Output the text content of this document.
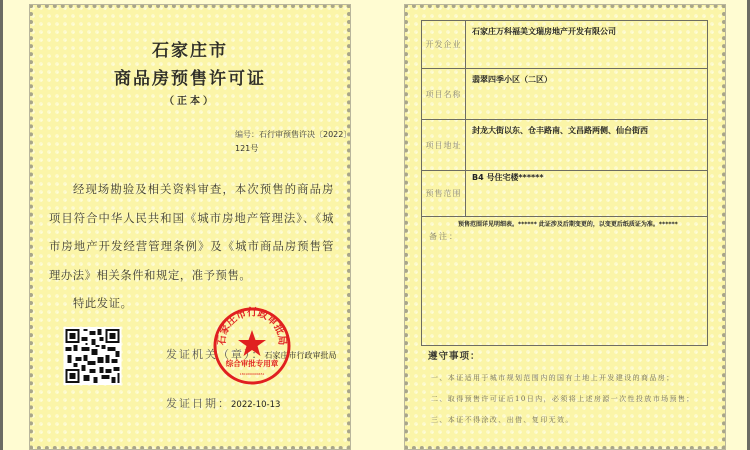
石家庄市
商品房预售许可证
（正本）
编号：石行审预售许决〔2022〕121号

经现场勘验及相关资料审查，本次预售的商品房项目符合中华人民共和国《城市房地产管理法》、《城市房地产开发经营管理条例》及《城市商品房预售管理办法》相关条件和规定，准予预售。

特此发证。

发证机关（章）：石家庄市行政审批局
石家庄市行政审批局
综合审批专用章
1301000000451
发证日期：2022-10-13
开发企业	石家庄万科福美文瑞房地产开发有限公司
项目名称	翡翠四季小区（二区）
项目地址	封龙大街以东、仓丰路南、文昌路两侧、仙台街西
预售范围	B4 号住宅楼******

预售范围详见明细表。****** 此证涉及后期变更的，以变更后纸质证为准。******
备注：	
遵守事项：
一、本证适用于城市规划范围内的国有土地上开发建设的商品房；
二、取得预售许可证后10日内，必须将上述房源一次性投放市场预售；
三、本证不得涂改、出借、复印无效。
